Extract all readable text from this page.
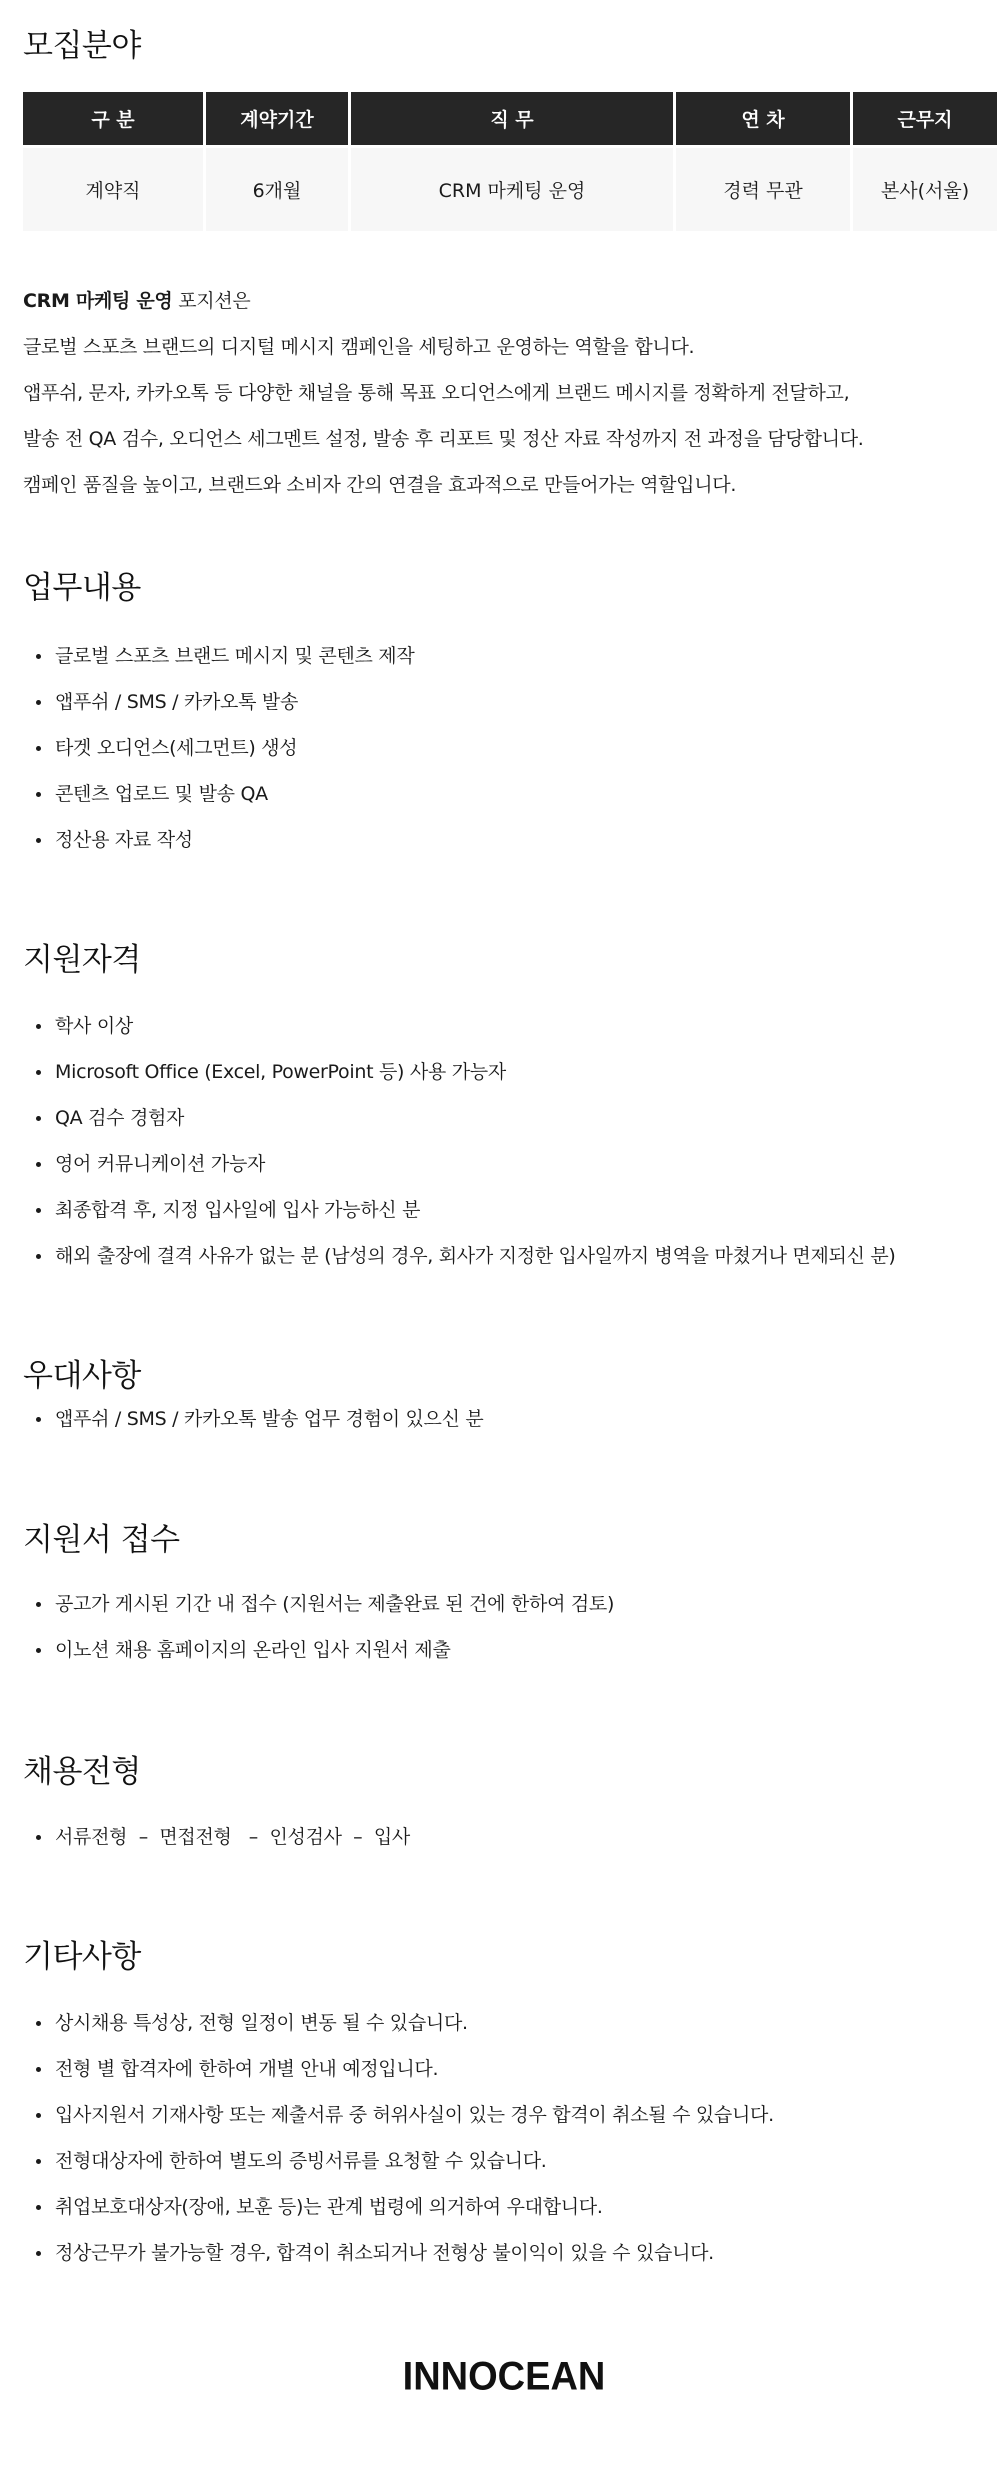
모집분야
구 분	계약기간	직 무	연 차	근무지
계약직	6개월	CRM 마케팅 운영	경력 무관	본사(서울)

CRM 마케팅 운영 포지션은

글로벌 스포츠 브랜드의 디지털 메시지 캠페인을 세팅하고 운영하는 역할을 합니다.

앱푸쉬, 문자, 카카오톡 등 다양한 채널을 통해 목표 오디언스에게 브랜드 메시지를 정확하게 전달하고,

발송 전 QA 검수, 오디언스 세그멘트 설정, 발송 후 리포트 및 정산 자료 작성까지 전 과정을 담당합니다.

캠페인 품질을 높이고, 브랜드와 소비자 간의 연결을 효과적으로 만들어가는 역할입니다.

업무내용
글로벌 스포츠 브랜드 메시지 및 콘텐츠 제작
앱푸쉬 / SMS / 카카오톡 발송
타겟 오디언스(세그먼트) 생성
콘텐츠 업로드 및 발송 QA
정산용 자료 작성
지원자격
학사 이상
Microsoft Office (Excel, PowerPoint 등) 사용 가능자
QA 검수 경험자
영어 커뮤니케이션 가능자
최종합격 후, 지정 입사일에 입사 가능하신 분
해외 출장에 결격 사유가 없는 분 (남성의 경우, 회사가 지정한 입사일까지 병역을 마쳤거나 면제되신 분)
우대사항
앱푸쉬 / SMS / 카카오톡 발송 업무 경험이 있으신 분
지원서 접수
공고가 게시된 기간 내 접수 (지원서는 제출완료 된 건에 한하여 검토)
이노션 채용 홈페이지의 온라인 입사 지원서 제출
채용전형
서류전형  –  면접전형   –  인성검사  –  입사
기타사항
상시채용 특성상, 전형 일정이 변동 될 수 있습니다.
전형 별 합격자에 한하여 개별 안내 예정입니다.
입사지원서 기재사항 또는 제출서류 중 허위사실이 있는 경우 합격이 취소될 수 있습니다.
전형대상자에 한하여 별도의 증빙서류를 요청할 수 있습니다.
취업보호대상자(장애, 보훈 등)는 관계 법령에 의거하여 우대합니다.
정상근무가 불가능할 경우, 합격이 취소되거나 전형상 불이익이 있을 수 있습니다.
INNOCEAN
